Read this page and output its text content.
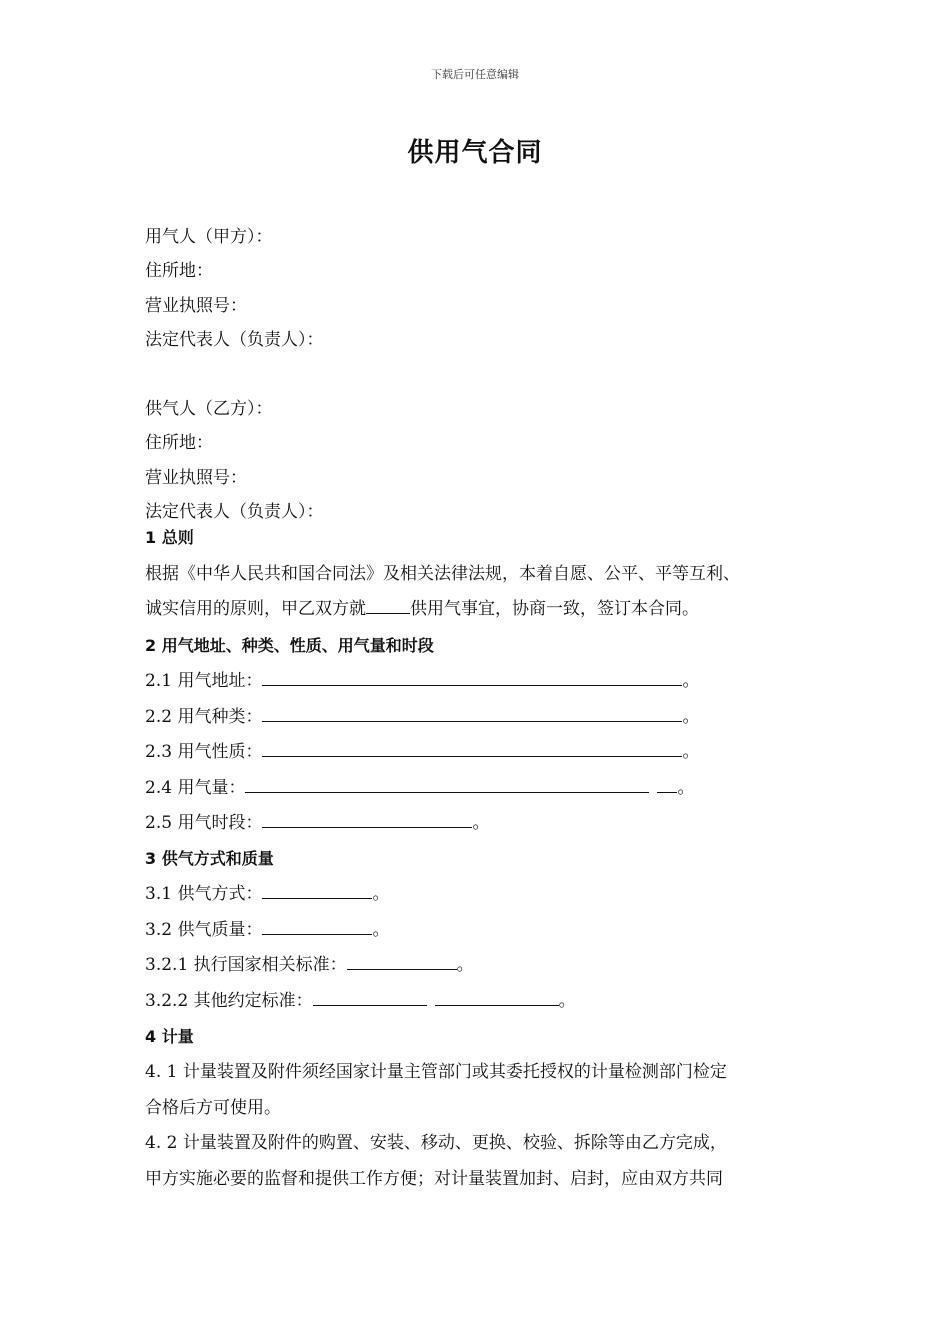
下载后可任意编辑
供用气合同
用气人（甲方）：
住所地：
营业执照号：
法定代表人（负责人）：
供气人（乙方）：
住所地：
营业执照号：
法定代表人（负责人）：
1 总则
根据《中华人民共和国合同法》及相关法律法规，本着自愿、公平、平等互利、
诚实信用的原则，甲乙双方就	供用气事宜，协商一致，签订本合同。
2 用气地址、种类、性质、用气量和时段
2.1 用气地址：	。
2.2 用气种类：	。
2.3 用气性质：	。
2.4 用气量：	。
2.5 用气时段：	。
3 供气方式和质量
3.1 供气方式：	。
3.2 供气质量：	。
3.2.1 执行国家相关标准：	。
3.2.2 其他约定标准：	。
4 计量
4. 1 计量装置及附件须经国家计量主管部门或其委托授权的计量检测部门检定
合格后方可使用。
4. 2 计量装置及附件的购置、安装、移动、更换、校验、拆除等由乙方完成，
甲方实施必要的监督和提供工作方便；对计量装置加封、启封，应由双方共同
